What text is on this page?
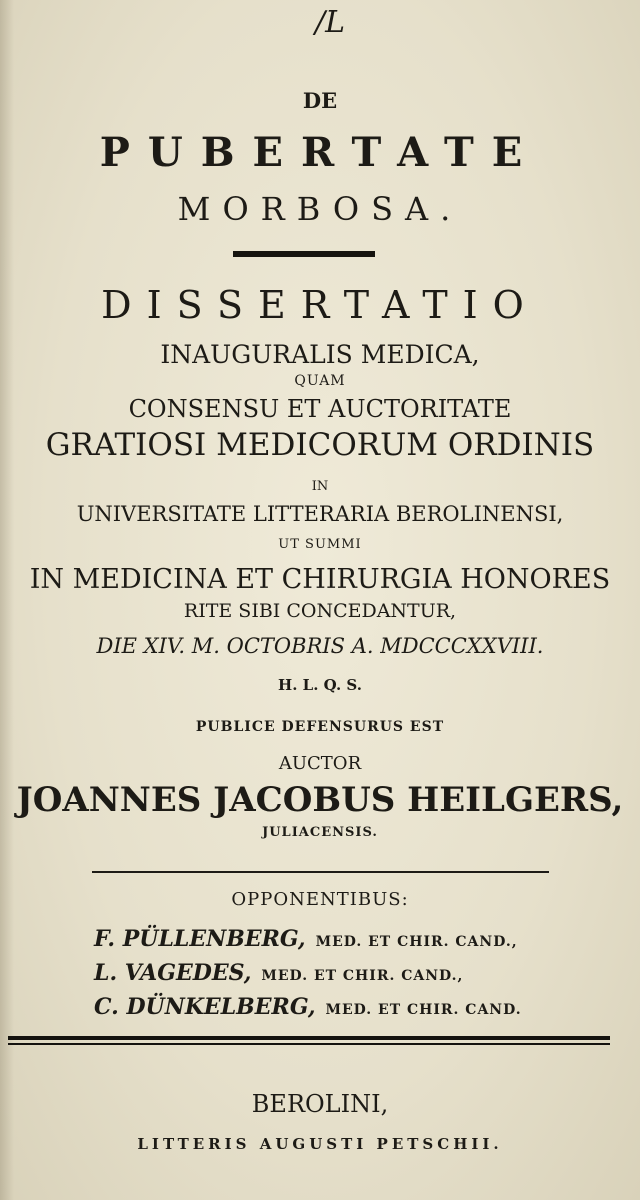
/L
DE
PUBERTATE
MORBOSA.
DISSERTATIO
INAUGURALIS MEDICA,
QUAM
CONSENSU ET AUCTORITATE
GRATIOSI MEDICORUM ORDINIS
IN
UNIVERSITATE LITTERARIA BEROLINENSI,
UT SUMMI
IN MEDICINA ET CHIRURGIA HONORES
RITE SIBI CONCEDANTUR,
DIE XIV. M. OCTOBRIS A. MDCCCXXVIII.
H. L. Q. S.
PUBLICE DEFENSURUS EST
AUCTOR
JOANNES JACOBUS HEILGERS,
JULIACENSIS.
OPPONENTIBUS:
F. PÜLLENBERG, MED. ET CHIR. CAND.,
L. VAGEDES, MED. ET CHIR. CAND.,
C. DÜNKELBERG, MED. ET CHIR. CAND.
BEROLINI,
LITTERIS AUGUSTI PETSCHII.
